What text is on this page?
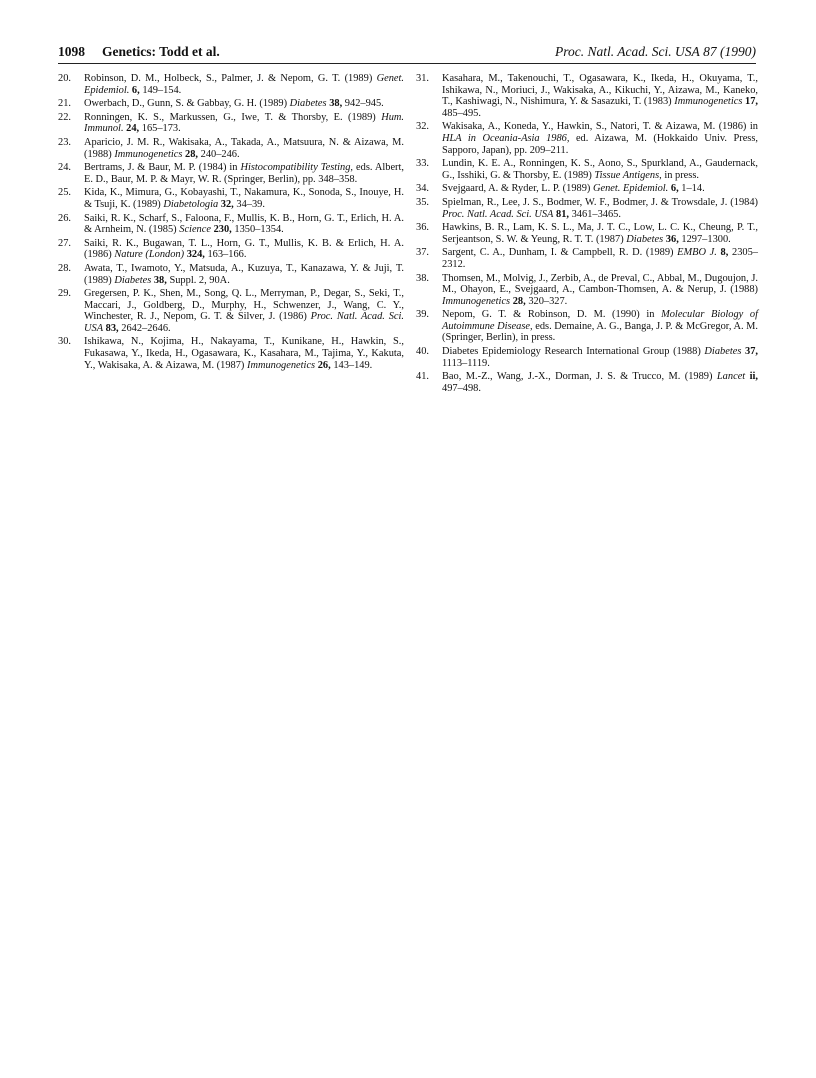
1098 Genetics: Todd et al.	Proc. Natl. Acad. Sci. USA 87 (1990)
20. Robinson, D. M., Holbeck, S., Palmer, J. & Nepom, G. T. (1989) Genet. Epidemiol. 6, 149–154.
21. Owerbach, D., Gunn, S. & Gabbay, G. H. (1989) Diabetes 38, 942–945.
22. Ronningen, K. S., Markussen, G., Iwe, T. & Thorsby, E. (1989) Hum. Immunol. 24, 165–173.
23. Aparicio, J. M. R., Wakisaka, A., Takada, A., Matsuura, N. & Aizawa, M. (1988) Immunogenetics 28, 240–246.
24. Bertrams, J. & Baur, M. P. (1984) in Histocompatibility Testing, eds. Albert, E. D., Baur, M. P. & Mayr, W. R. (Springer, Berlin), pp. 348–358.
25. Kida, K., Mimura, G., Kobayashi, T., Nakamura, K., Sonoda, S., Inouye, H. & Tsuji, K. (1989) Diabetologia 32, 34–39.
26. Saiki, R. K., Scharf, S., Faloona, F., Mullis, K. B., Horn, G. T., Erlich, H. A. & Arnheim, N. (1985) Science 230, 1350–1354.
27. Saiki, R. K., Bugawan, T. L., Horn, G. T., Mullis, K. B. & Erlich, H. A. (1986) Nature (London) 324, 163–166.
28. Awata, T., Iwamoto, Y., Matsuda, A., Kuzuya, T., Kanazawa, Y. & Juji, T. (1989) Diabetes 38, Suppl. 2, 90A.
29. Gregersen, P. K., Shen, M., Song, Q. L., Merryman, P., Degar, S., Seki, T., Maccari, J., Goldberg, D., Murphy, H., Schwenzer, J., Wang, C. Y., Winchester, R. J., Nepom, G. T. & Silver, J. (1986) Proc. Natl. Acad. Sci. USA 83, 2642–2646.
30. Ishikawa, N., Kojima, H., Nakayama, T., Kunikane, H., Hawkin, S., Fukasawa, Y., Ikeda, H., Ogasawara, K., Kasahara, M., Tajima, Y., Kakuta, Y., Wakisaka, A. & Aizawa, M. (1987) Immunogenetics 26, 143–149.
31. Kasahara, M., Takenouchi, T., Ogasawara, K., Ikeda, H., Okuyama, T., Ishikawa, N., Moriuci, J., Wakisaka, A., Kikuchi, Y., Aizawa, M., Kaneko, T., Kashiwagi, N., Nishimura, Y. & Sasazuki, T. (1983) Immunogenetics 17, 485–495.
32. Wakisaka, A., Koneda, Y., Hawkin, S., Natori, T. & Aizawa, M. (1986) in HLA in Oceania-Asia 1986, ed. Aizawa, M. (Hokkaido Univ. Press, Sapporo, Japan), pp. 209–211.
33. Lundin, K. E. A., Ronningen, K. S., Aono, S., Spurkland, A., Gaudernack, G., Isshiki, G. & Thorsby, E. (1989) Tissue Antigens, in press.
34. Svejgaard, A. & Ryder, L. P. (1989) Genet. Epidemiol. 6, 1–14.
35. Spielman, R., Lee, J. S., Bodmer, W. F., Bodmer, J. & Trowsdale, J. (1984) Proc. Natl. Acad. Sci. USA 81, 3461–3465.
36. Hawkins, B. R., Lam, K. S. L., Ma, J. T. C., Low, L. C. K., Cheung, P. T., Serjeantson, S. W. & Yeung, R. T. T. (1987) Diabetes 36, 1297–1300.
37. Sargent, C. A., Dunham, I. & Campbell, R. D. (1989) EMBO J. 8, 2305–2312.
38. Thomsen, M., Molvig, J., Zerbib, A., de Preval, C., Abbal, M., Dugoujon, J. M., Ohayon, E., Svejgaard, A., Cambon-Thomsen, A. & Nerup, J. (1988) Immunogenetics 28, 320–327.
39. Nepom, G. T. & Robinson, D. M. (1990) in Molecular Biology of Autoimmune Disease, eds. Demaine, A. G., Banga, J. P. & McGregor, A. M. (Springer, Berlin), in press.
40. Diabetes Epidemiology Research International Group (1988) Diabetes 37, 1113–1119.
41. Bao, M.-Z., Wang, J.-X., Dorman, J. S. & Trucco, M. (1989) Lancet ii, 497–498.
